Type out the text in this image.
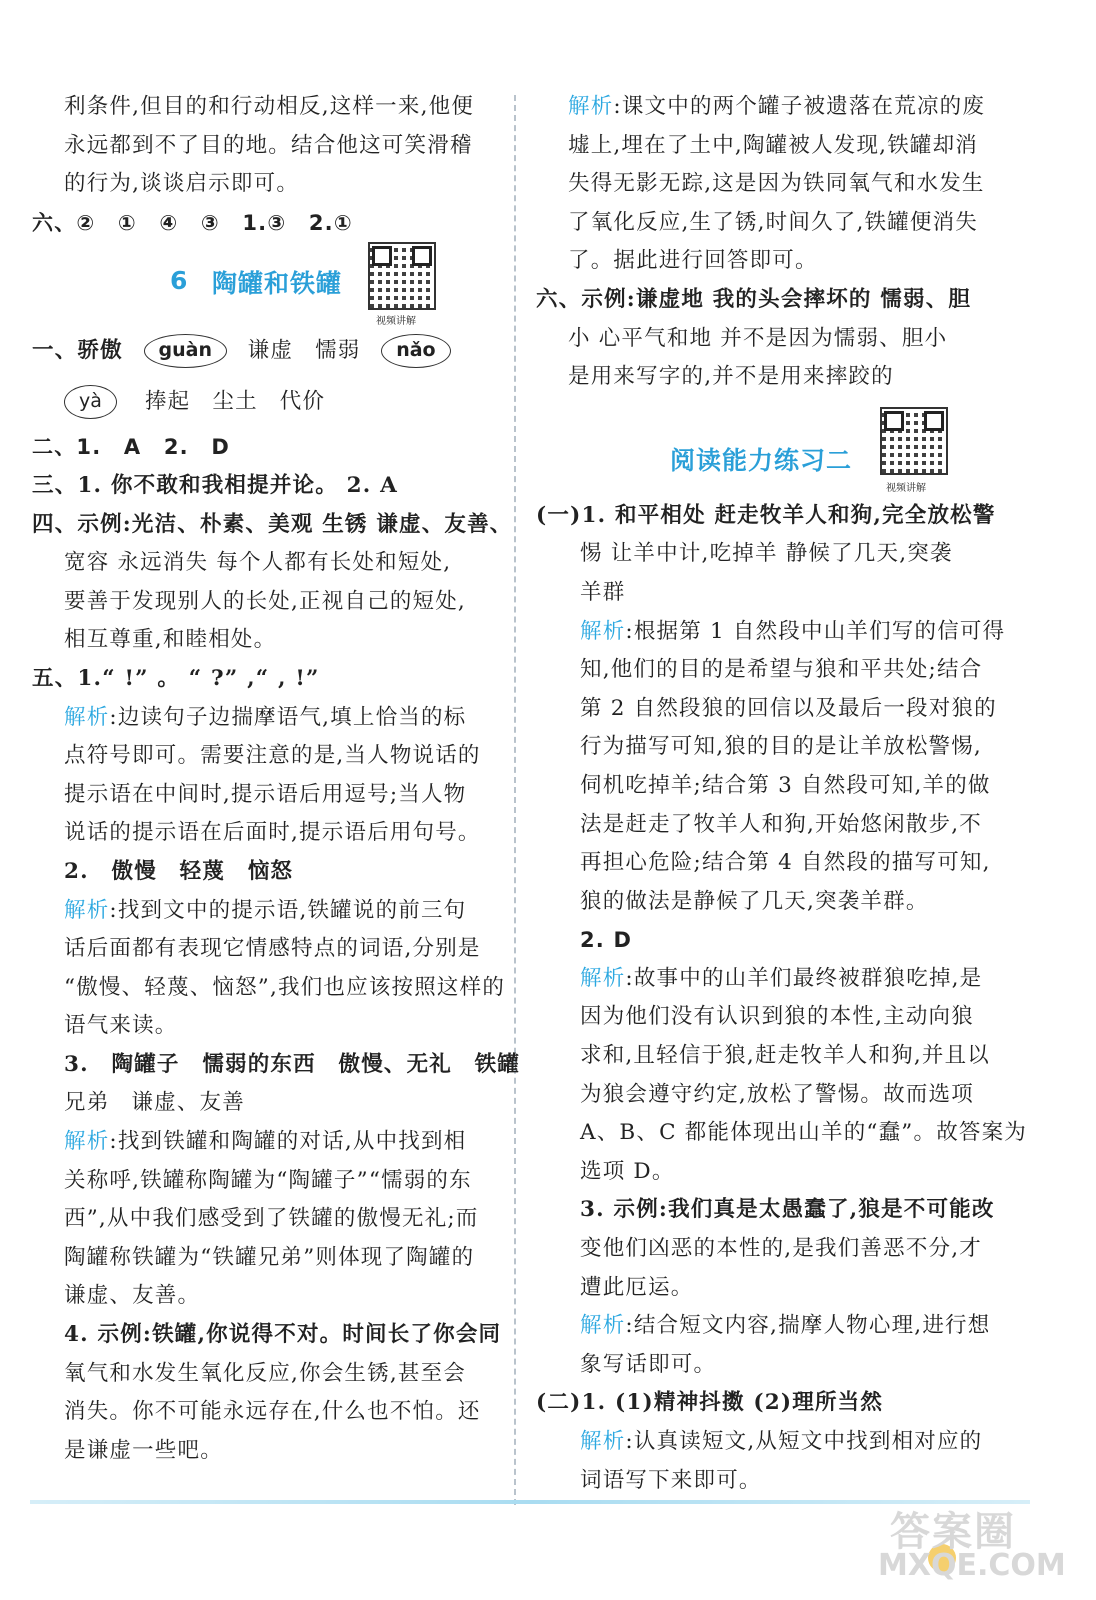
利条件,但目的和行动相反,这样一来,他便
永远都到不了目的地。结合他这可笑滑稽
的行为,谈谈启示即可。
六、② ① ④ ③ 1.③ 2.①
6 陶罐和铁罐
视频讲解
一、骄傲 guàn 谦虚 懦弱 nǎo
yà 捧起 尘土 代价
二、1. A 2. D
三、1. 你不敢和我相提并论。 2. A
四、示例:光洁、朴素、美观 生锈 谦虚、友善、
宽容 永远消失 每个人都有长处和短处,
要善于发现别人的长处,正视自己的短处,
相互尊重,和睦相处。
五、1.“ !” 。 “ ?” ,“ , !”
解析:边读句子边揣摩语气,填上恰当的标
点符号即可。需要注意的是,当人物说话的
提示语在中间时,提示语后用逗号;当人物
说话的提示语在后面时,提示语后用句号。
2. 傲慢 轻蔑 恼怒
解析:找到文中的提示语,铁罐说的前三句
话后面都有表现它情感特点的词语,分别是
“傲慢、轻蔑、恼怒”,我们也应该按照这样的
语气来读。
3. 陶罐子 懦弱的东西 傲慢、无礼 铁罐
兄弟 谦虚、友善
解析:找到铁罐和陶罐的对话,从中找到相
关称呼,铁罐称陶罐为“陶罐子”“懦弱的东
西”,从中我们感受到了铁罐的傲慢无礼;而
陶罐称铁罐为“铁罐兄弟”则体现了陶罐的
谦虚、友善。
4. 示例:铁罐,你说得不对。时间长了你会同
氧气和水发生氧化反应,你会生锈,甚至会
消失。你不可能永远存在,什么也不怕。还
是谦虚一些吧。
解析:课文中的两个罐子被遗落在荒凉的废
墟上,埋在了土中,陶罐被人发现,铁罐却消
失得无影无踪,这是因为铁同氧气和水发生
了氧化反应,生了锈,时间久了,铁罐便消失
了。据此进行回答即可。
六、示例:谦虚地 我的头会摔坏的 懦弱、胆
小 心平气和地 并不是因为懦弱、胆小
是用来写字的,并不是用来摔跤的
阅读能力练习二
视频讲解
(一)1. 和平相处 赶走牧羊人和狗,完全放松警
惕 让羊中计,吃掉羊 静候了几天,突袭
羊群
解析:根据第 1 自然段中山羊们写的信可得
知,他们的目的是希望与狼和平共处;结合
第 2 自然段狼的回信以及最后一段对狼的
行为描写可知,狼的目的是让羊放松警惕,
伺机吃掉羊;结合第 3 自然段可知,羊的做
法是赶走了牧羊人和狗,开始悠闲散步,不
再担心危险;结合第 4 自然段的描写可知,
狼的做法是静候了几天,突袭羊群。
2. D
解析:故事中的山羊们最终被群狼吃掉,是
因为他们没有认识到狼的本性,主动向狼
求和,且轻信于狼,赶走牧羊人和狗,并且以
为狼会遵守约定,放松了警惕。故而选项
A、B、C 都能体现出山羊的“蠢”。故答案为
选项 D。
3. 示例:我们真是太愚蠢了,狼是不可能改
变他们凶恶的本性的,是我们善恶不分,才
遭此厄运。
解析:结合短文内容,揣摩人物心理,进行想
象写话即可。
(二)1. (1)精神抖擞 (2)理所当然
解析:认真读短文,从短文中找到相对应的
词语写下来即可。
答案圈
MXQE.COM
